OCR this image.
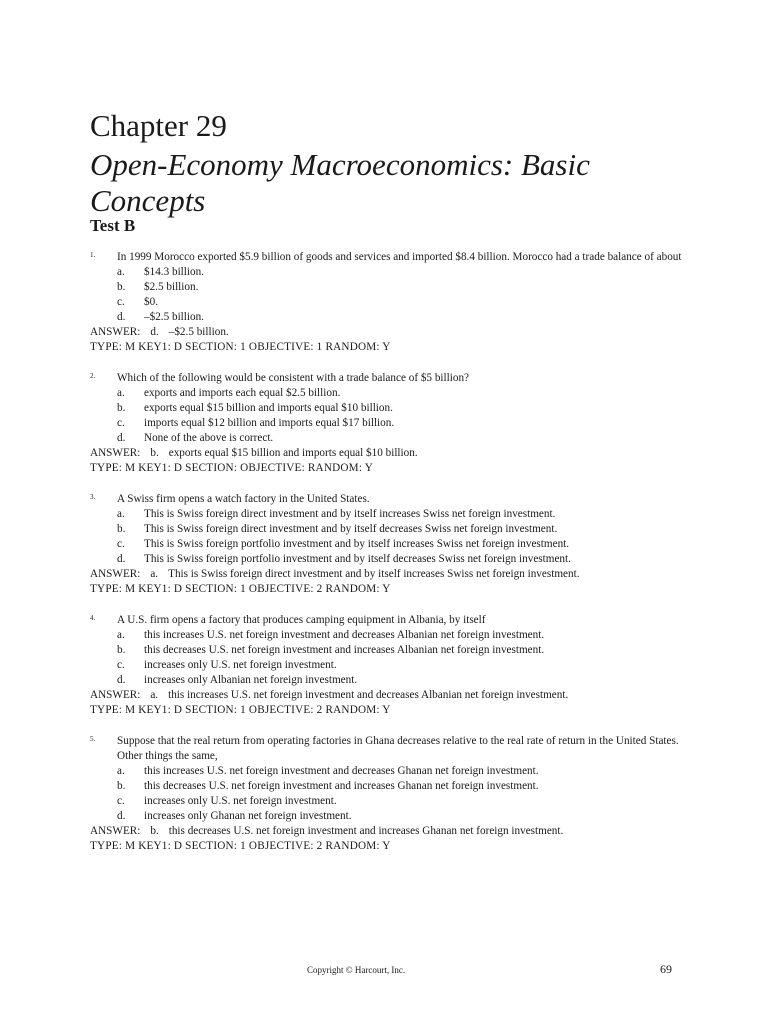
Chapter 29
Open-Economy Macroeconomics: Basic Concepts
Test B
1. In 1999 Morocco exported $5.9 billion of goods and services and imported $8.4 billion. Morocco had a trade balance of about
a. $14.3 billion.
b. $2.5 billion.
c. $0.
d. –$2.5 billion.
ANSWER: d. –$2.5 billion.
TYPE: M KEY1: D SECTION: 1 OBJECTIVE: 1 RANDOM: Y
2. Which of the following would be consistent with a trade balance of $5 billion?
a. exports and imports each equal $2.5 billion.
b. exports equal $15 billion and imports equal $10 billion.
c. imports equal $12 billion and imports equal $17 billion.
d. None of the above is correct.
ANSWER: b. exports equal $15 billion and imports equal $10 billion.
TYPE: M KEY1: D SECTION: OBJECTIVE: RANDOM: Y
3. A Swiss firm opens a watch factory in the United States.
a. This is Swiss foreign direct investment and by itself increases Swiss net foreign investment.
b. This is Swiss foreign direct investment and by itself decreases Swiss net foreign investment.
c. This is Swiss foreign portfolio investment and by itself increases Swiss net foreign investment.
d. This is Swiss foreign portfolio investment and by itself decreases Swiss net foreign investment.
ANSWER: a. This is Swiss foreign direct investment and by itself increases Swiss net foreign investment.
TYPE: M KEY1: D SECTION: 1 OBJECTIVE: 2 RANDOM: Y
4. A U.S. firm opens a factory that produces camping equipment in Albania, by itself
a. this increases U.S. net foreign investment and decreases Albanian net foreign investment.
b. this decreases U.S. net foreign investment and increases Albanian net foreign investment.
c. increases only U.S. net foreign investment.
d. increases only Albanian net foreign investment.
ANSWER: a. this increases U.S. net foreign investment and decreases Albanian net foreign investment.
TYPE: M KEY1: D SECTION: 1 OBJECTIVE: 2 RANDOM: Y
5. Suppose that the real return from operating factories in Ghana decreases relative to the real rate of return in the United States. Other things the same,
a. this increases U.S. net foreign investment and decreases Ghanan net foreign investment.
b. this decreases U.S. net foreign investment and increases Ghanan net foreign investment.
c. increases only U.S. net foreign investment.
d. increases only Ghanan net foreign investment.
ANSWER: b. this decreases U.S. net foreign investment and increases Ghanan net foreign investment.
TYPE: M KEY1: D SECTION: 1 OBJECTIVE: 2 RANDOM: Y
Copyright © Harcourt, Inc.	69
